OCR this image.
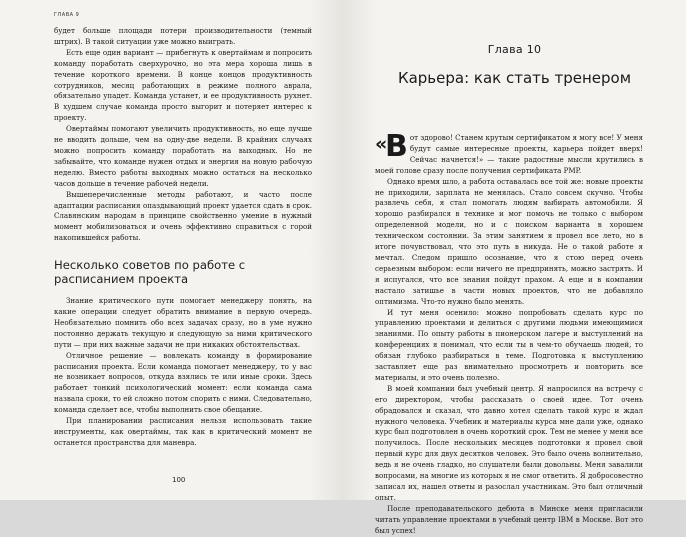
ГЛАВА 9

будет больше площади потери производительности (темный штрих). В такой ситуации уже можно выиграть.

Есть еще один вариант — прибегнуть к овертаймам и попросить команду поработать сверхурочно, но эта мера хороша лишь в течение короткого времени. В конце концов продуктивность сотрудников, месяц работающих в режиме полного аврала, обязательно упадет. Команда устанет, и ее продуктивность рухнет. В худшем случае команда просто выгорит и потеряет интерес к проекту.

Овертаймы помогают увеличить продуктивность, но еще лучше не вводить дольше, чем на одну-две недели. В крайних случаях можно попросить команду поработать на выходных. Но не забывайте, что команде нужен отдых и энергия на новую рабочую неделю. Вместо работы выходных можно остаться на несколько часов дольше в течение рабочей недели.

Вышеперечисленные методы работают, и часто после адаптации расписания опаздывающий проект удается сдать в срок. Славянским народам в принципе свойственно умение в нужный момент мобилизоваться и очень эффективно справиться с горой накопившейся работы.

Несколько советов по работе с расписанием проекта

Знание критического пути помогает менеджеру понять, на какие операции следует обратить внимание в первую очередь. Необязательно помнить обо всех задачах сразу, но в уме нужно постоянно держать текущую и следующую за ними критического пути — при них важные задачи не при никаких обстоятельствах.

Отличное решение — вовлекать команду в формирование расписания проекта. Если команда помогает менеджеру, то у вас не возникает вопросов, откуда взялись те или иные сроки. Здесь работает тонкий психологический момент: если команда сама назвала сроки, то ей сложно потом спорить с ними. Следовательно, команда сделает все, чтобы выполнить свое обещание.

При планировании расписания нельзя использовать такие инструменты, как овертаймы, так как в критический момент не останется пространства для маневра.

100
Глава 10
Карьера: как стать тренером
«
В от здорово! Станем крутым сертификатом я могу все! У меня будут самые интересные проекты, карьера пойдет вверх! Сейчас начнется!» — такие радостные мысли крутились в моей голове сразу после получения сертификата PMP.

Однако время шло, а работа оставалась все той же: новые проекты не приходили, зарплата не менялась. Стало совсем скучно. Чтобы развлечь себя, я стал помогать людям выбирать автомобили. Я хорошо разбирался в технике и мог помочь не только с выбором определенной модели, но и с поиском варианта в хорошем техническом состоянии. За этим занятием я провел все лето, но в итоге почувствовал, что это путь в никуда. Не о такой работе я мечтал. Следом пришло осознание, что я стою перед очень серьезным выбором: если ничего не предпринять, можно застрять. И я испугался, что все знания пойдут прахом. А еще и в компании настало затишье в части новых проектов, что не добавляло оптимизма. Что-то нужно было менять.

И тут меня осенило: можно попробовать сделать курс по управлению проектами и делиться с другими людьми имеющимися знаниями. По опыту работы в пионерском лагере и выступлений на конференциях я понимал, что если ты в чем-то обучаешь людей, то обязан глубоко разбираться в теме. Подготовка к выступлению заставляет еще раз внимательно просмотреть и повторить все материалы, и это очень полезно.

В моей компании был учебный центр. Я напросился на встречу с его директором, чтобы рассказать о своей идее. Тот очень обрадовался и сказал, что давно хотел сделать такой курс и ждал нужного человека. Учебник и материалы курса мне дали уже, однако курс был подготовлен в очень короткий срок. Тем не менее у меня все получилось. После нескольких месяцев подготовки я провел свой первый курс для двух десятков человек. Это было очень волнительно, ведь я не очень гладко, но слушатели были довольны. Меня завалили вопросами, на многие из которых я не смог ответить. Я добросовестно записал их, нашел ответы и разослал участникам. Это был отличный опыт.

После преподавательского дебюта в Минске меня пригласили читать управление проектами в учебный центр IBM в Москве. Вот это был успех!
